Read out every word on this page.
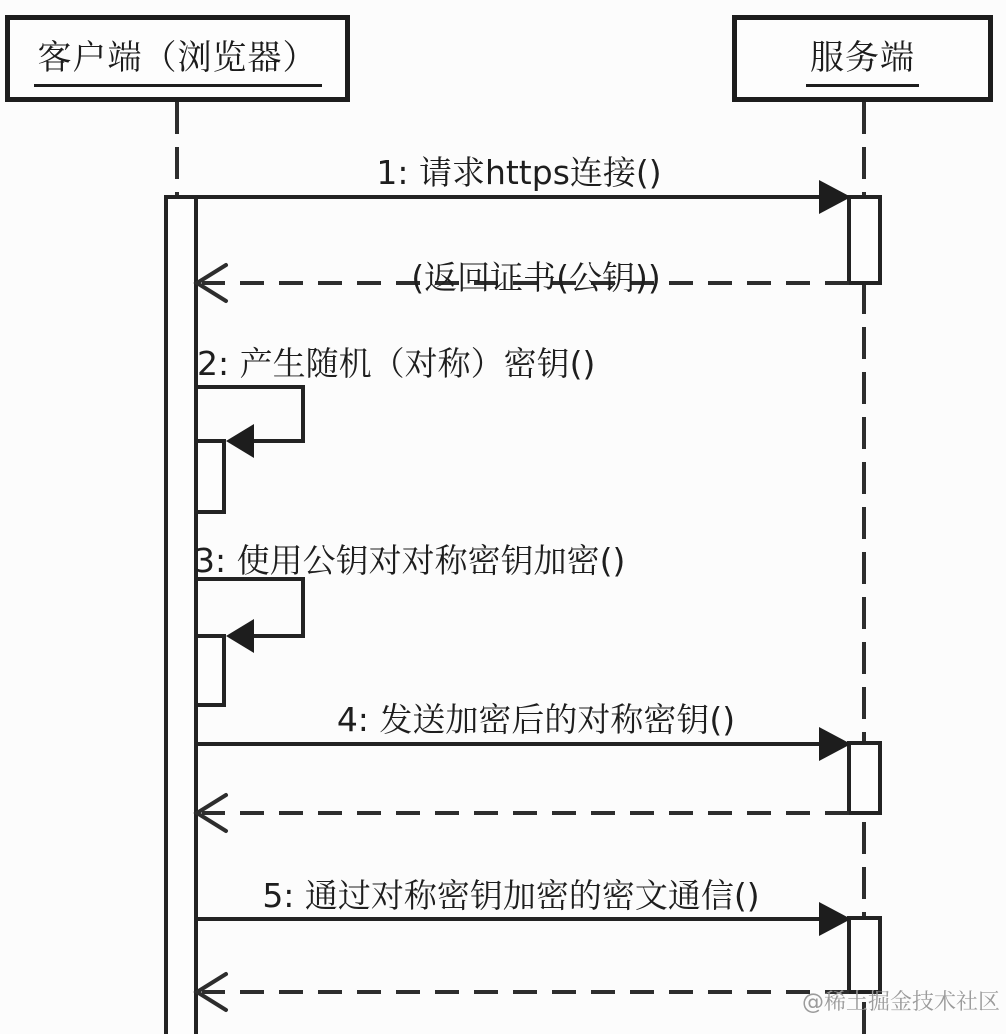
客户端（浏览器）	服务端
1: 请求https连接()
(返回证书(公钥))
2: 产生随机（对称）密钥()
3: 使用公钥对对称密钥加密()
4: 发送加密后的对称密钥()
5: 通过对称密钥加密的密文通信()
@稀土掘金技术社区
